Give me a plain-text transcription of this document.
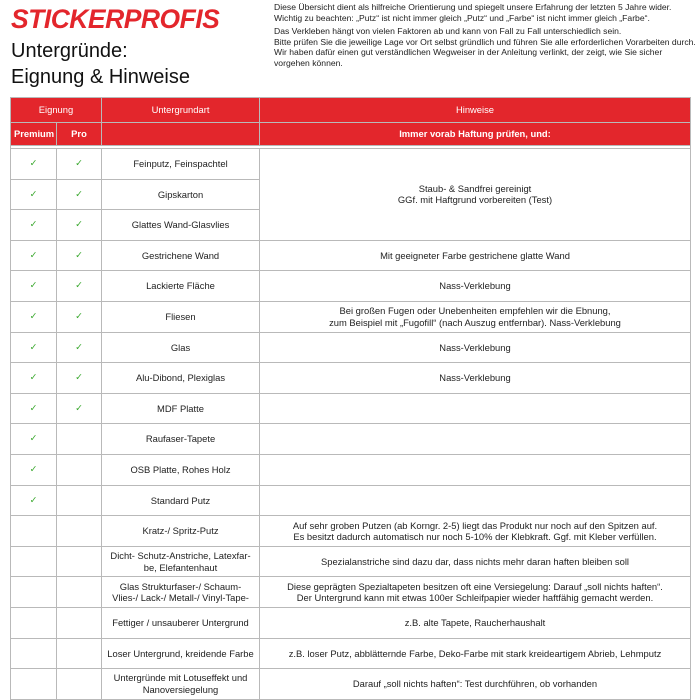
STICKERPROFIS
Untergründe:
Eignung & Hinweise

Diese Übersicht dient als hilfreiche Orientierung und spiegelt unsere Erfahrung der letzten 5 Jahre wider.

Wichtig zu beachten: „Putz“ ist nicht immer gleich „Putz“ und „Farbe“ ist nicht immer gleich „Farbe“.

Das Verkleben hängt von vielen Faktoren ab und kann von Fall zu Fall unterschiedlich sein.

Bitte prüfen Sie die jeweilige Lage vor Ort selbst gründlich und führen Sie alle erforderlichen Vorarbeiten durch.

Wir haben dafür einen gut verständlichen Wegweiser in der Anleitung verlinkt, der zeigt, wie Sie sicher vorgehen können.

Eignung		Untergrundart	Hinweise
Premium	Pro		Immer vorab Haftung prüfen, und:

✓	✓	Feinputz, Feinspachtel	Staub- & Sandfrei gereinigt
GGf. mit Haftgrund vorbereiten (Test)
✓	✓	Gipskarton	
✓	✓	Glattes Wand-Glasvlies	
✓	✓	Gestrichene Wand	Mit geeigneter Farbe gestrichene glatte Wand
✓	✓	Lackierte Fläche	Nass-Verklebung
✓	✓	Fliesen	Bei großen Fugen oder Unebenheiten empfehlen wir die Ebnung,
zum Beispiel mit „Fugofill“ (nach Auszug entfernbar). Nass-Verklebung
✓	✓	Glas	Nass-Verklebung
✓	✓	Alu-Dibond, Plexiglas	Nass-Verklebung
✓	✓	MDF Platte	
✓		Raufaser-Tapete	
✓		OSB Platte, Rohes Holz	
✓		Standard Putz	
		Kratz-/ Spritz-Putz	Auf sehr groben Putzen (ab Korngr. 2-5) liegt das Produkt nur noch auf den Spitzen auf.
Es besitzt dadurch automatisch nur noch 5-10% der Klebkraft. Ggf. mit Kleber verfüllen.
		Dicht- Schutz-Anstriche, Latexfar-
be, Elefantenhaut	Spezialanstriche sind dazu dar, dass nichts mehr daran haften bleiben soll
		Glas Strukturfaser-/ Schaum-
Vlies-/ Lack-/ Metall-/ Vinyl-Tape-	Diese geprägten Spezialtapeten besitzen oft eine Versiegelung: Darauf „soll nichts haften“.
Der Untergrund kann mit etwas 100er Schleifpapier wieder haftfähig gemacht werden.
		Fettiger / unsauberer Untergrund	z.B. alte Tapete, Raucherhaushalt
		Loser Untergrund, kreidende Farbe	z.B. loser Putz, abblätternde Farbe, Deko-Farbe mit stark kreideartigem Abrieb, Lehmputz
		Untergründe mit Lotuseffekt und
Nanoversiegelung	Darauf „soll nichts haften“: Test durchführen, ob vorhanden
